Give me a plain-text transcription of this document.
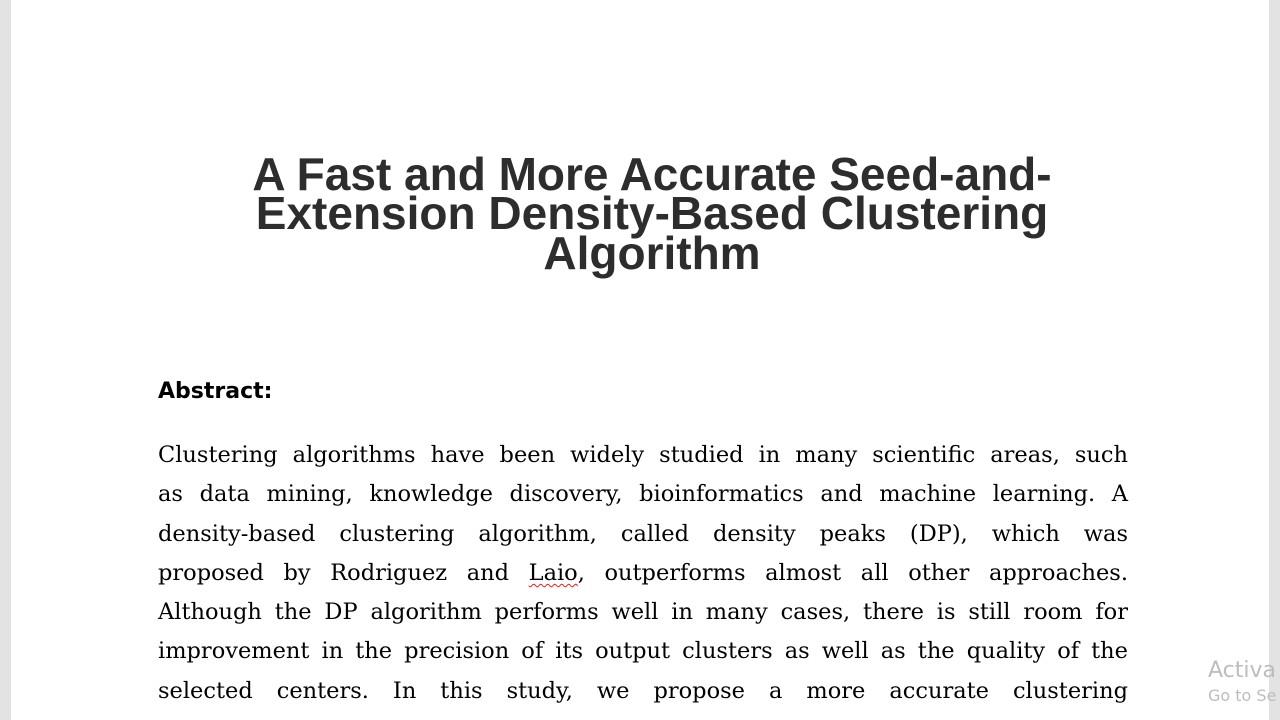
A Fast and More Accurate Seed-and-
Extension Density-Based Clustering
Algorithm
Abstract:
Clustering algorithms have been widely studied in many scientific areas, such
as data mining, knowledge discovery, bioinformatics and machine learning. A
density-based clustering algorithm, called density peaks (DP), which was
proposed by Rodriguez and Laio, outperforms almost all other approaches.
Although the DP algorithm performs well in many cases, there is still room for
improvement in the precision of its output clusters as well as the quality of the
selected centers. In this study, we propose a more accurate clustering
Activa
Go to Se
